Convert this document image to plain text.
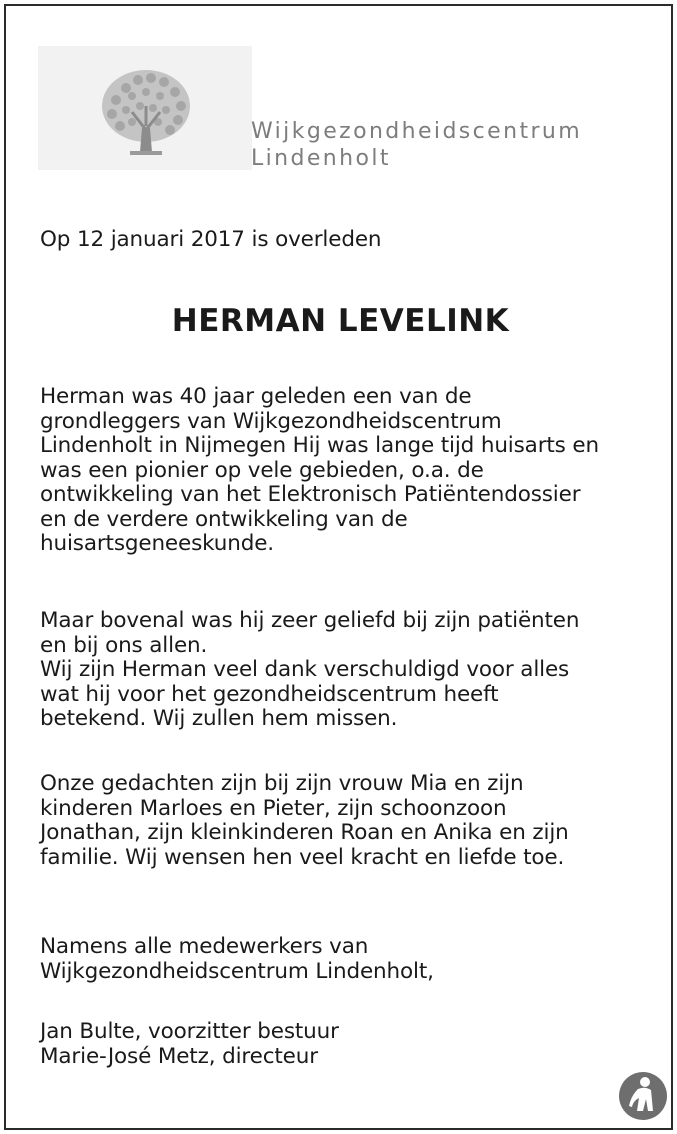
Wijkgezondheidscentrum
Lindenholt
Op 12 januari 2017 is overleden
HERMAN LEVELINK
Herman was 40 jaar geleden een van de
grondleggers van Wijkgezondheidscentrum
Lindenholt in Nijmegen Hij was lange tijd huisarts en
was een pionier op vele gebieden, o.a. de
ontwikkeling van het Elektronisch Patiëntendossier
en de verdere ontwikkeling van de
huisartsgeneeskunde.
Maar bovenal was hij zeer geliefd bij zijn patiënten
en bij ons allen.
Wij zijn Herman veel dank verschuldigd voor alles
wat hij voor het gezondheidscentrum heeft
betekend. Wij zullen hem missen.
Onze gedachten zijn bij zijn vrouw Mia en zijn
kinderen Marloes en Pieter, zijn schoonzoon
Jonathan, zijn kleinkinderen Roan en Anika en zijn
familie. Wij wensen hen veel kracht en liefde toe.
Namens alle medewerkers van
Wijkgezondheidscentrum Lindenholt,
Jan Bulte, voorzitter bestuur
Marie-José Metz, directeur
